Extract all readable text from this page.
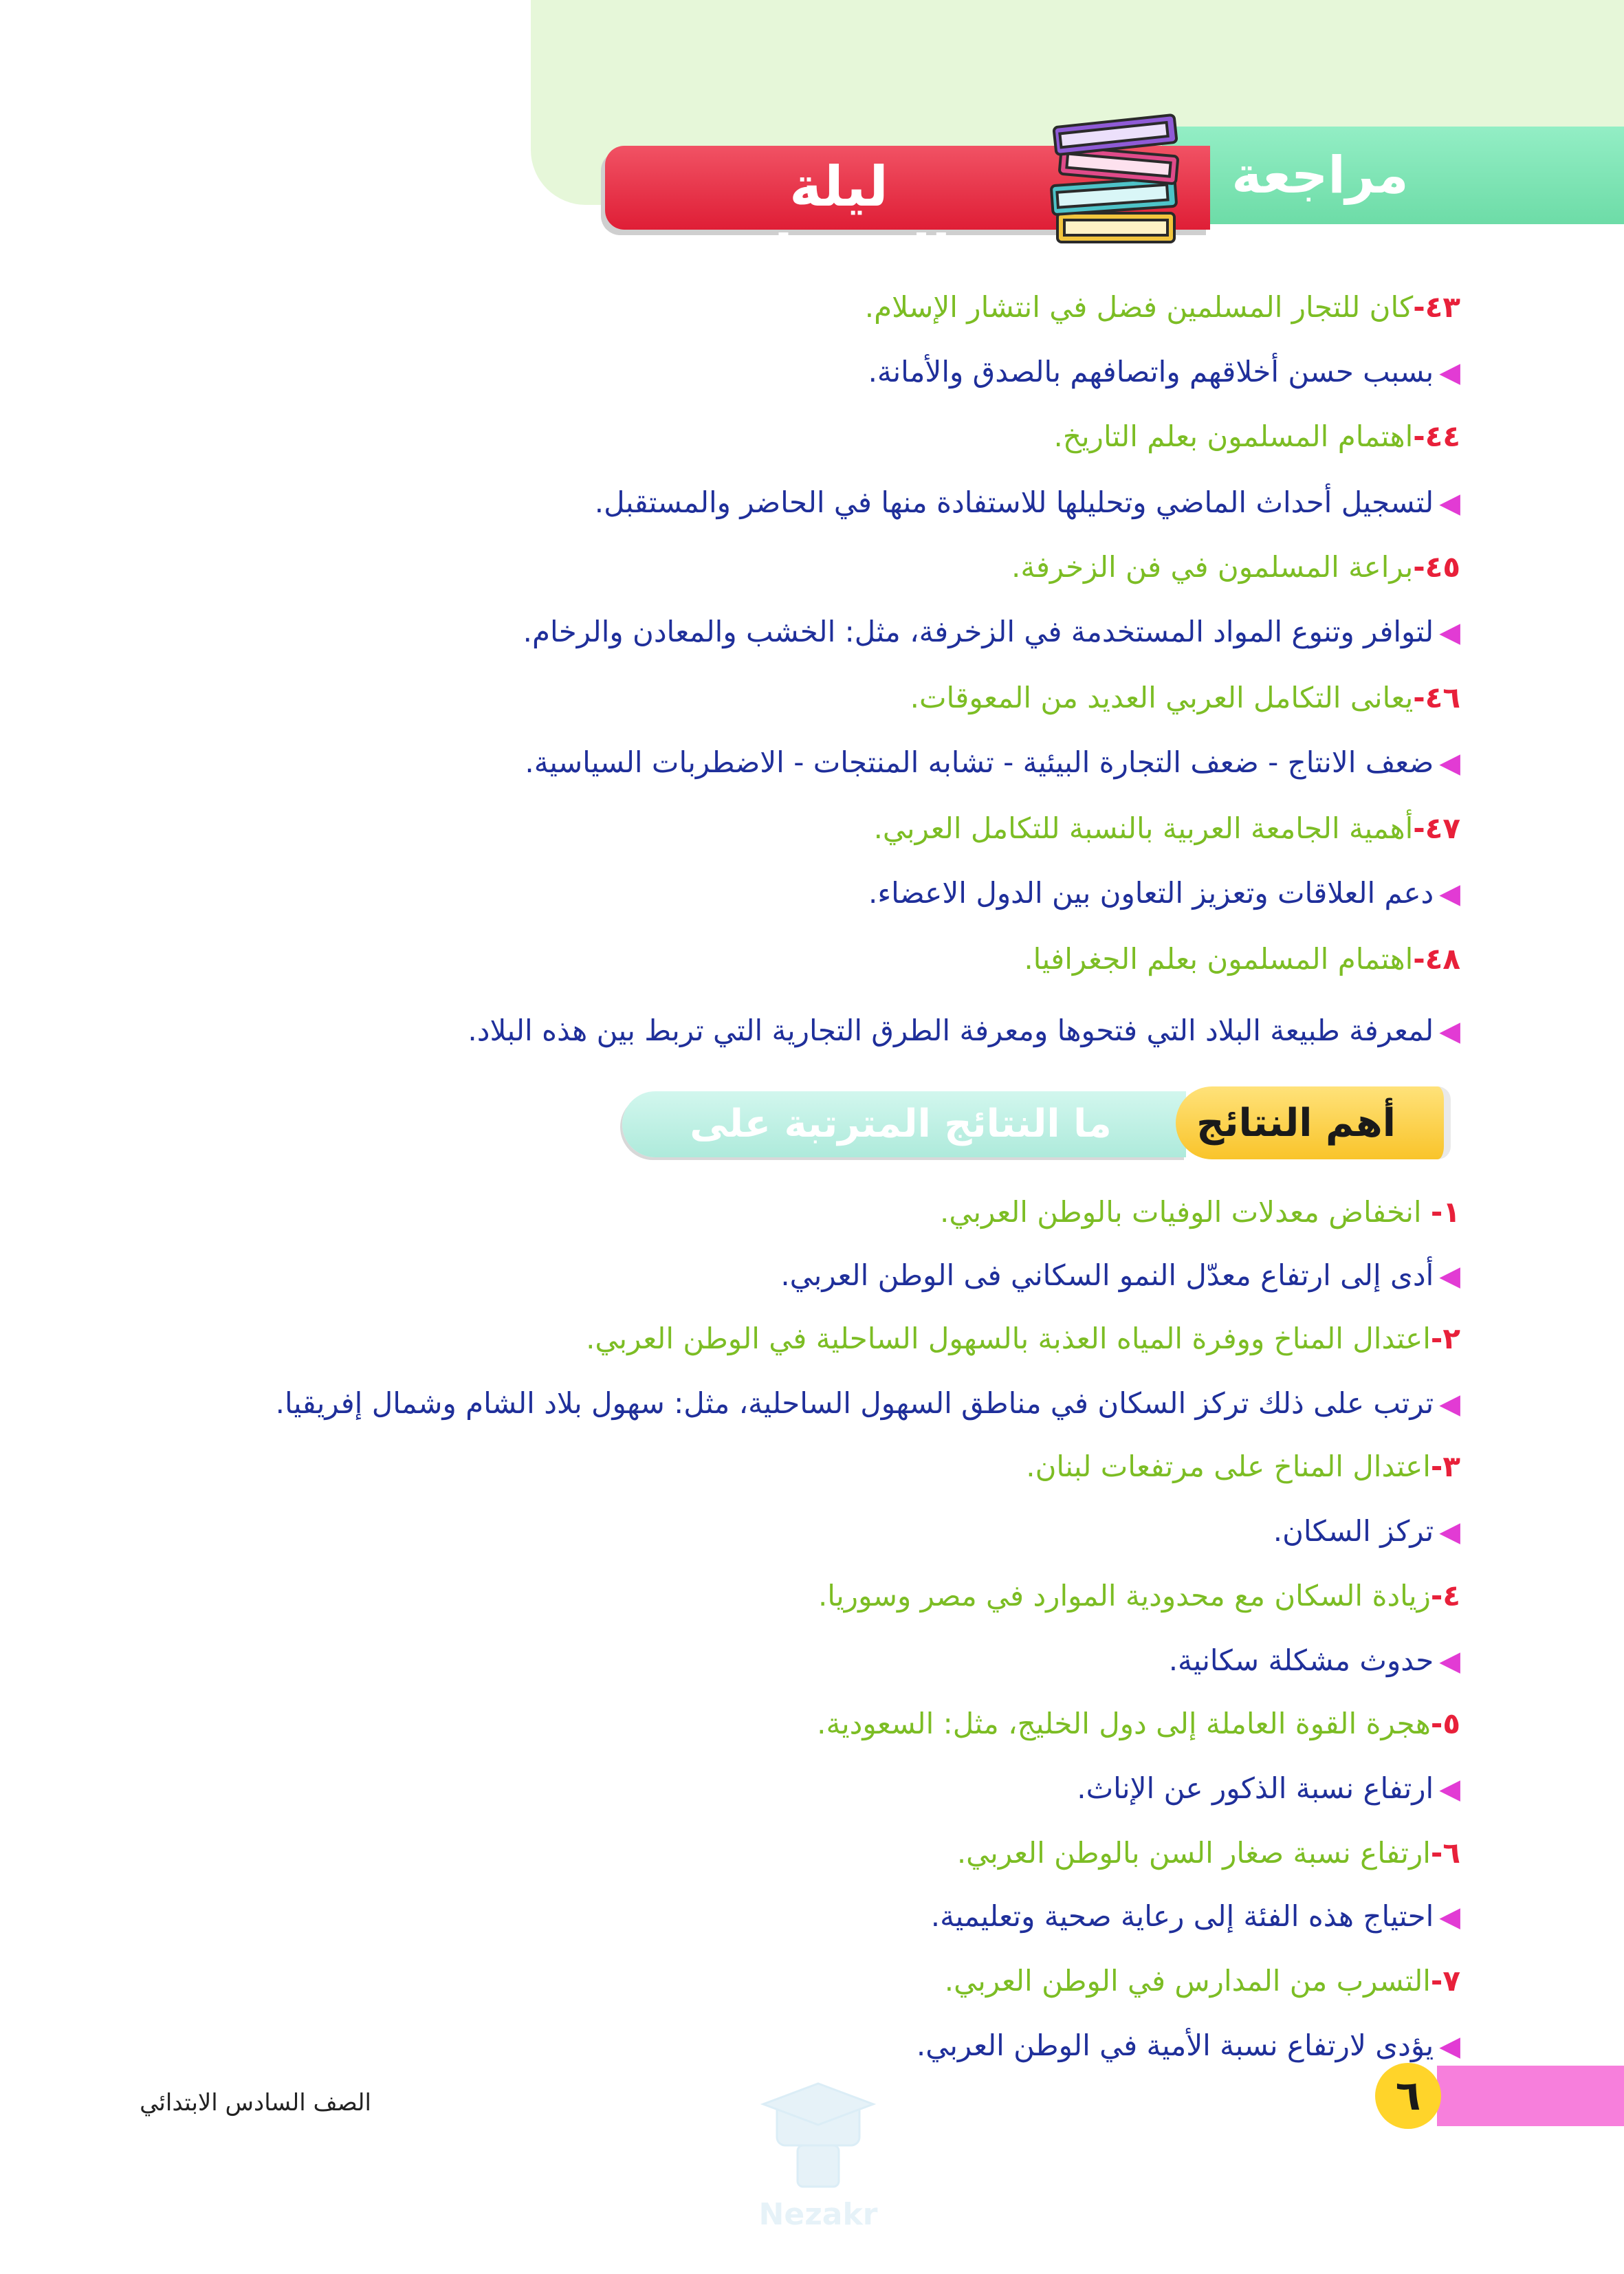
مراجعة
ليلة الامتحان
٤٣-كان للتجار المسلمين فضل في انتشار الإسلام.
◀بسبب حسن أخلاقهم واتصافهم بالصدق والأمانة.
٤٤-اهتمام المسلمون بعلم التاريخ.
◀لتسجيل أحداث الماضي وتحليلها للاستفادة منها في الحاضر والمستقبل.
٤٥-براعة المسلمون في فن الزخرفة.
◀لتوافر وتنوع المواد المستخدمة في الزخرفة، مثل: الخشب والمعادن والرخام.
٤٦-يعانى التكامل العربي العديد من المعوقات.
◀ضعف الانتاج - ضعف التجارة البيئية - تشابه المنتجات - الاضطربات السياسية.
٤٧-أهمية الجامعة العربية بالنسبة للتكامل العربي.
◀دعم العلاقات وتعزيز التعاون بين الدول الاعضاء.
٤٨-اهتمام المسلمون بعلم الجغرافيا.
◀لمعرفة طبيعة البلاد التي فتحوها ومعرفة الطرق التجارية التي تربط بين هذه البلاد.
ما النتائج المترتبة على ...؟
أهم النتائج
١- انخفاض معدلات الوفيات بالوطن العربي.
◀أدى إلى ارتفاع معدّل النمو السكاني فى الوطن العربي.
٢-اعتدال المناخ ووفرة المياه العذبة بالسهول الساحلية في الوطن العربي.
◀ترتب على ذلك تركز السكان في مناطق السهول الساحلية، مثل: سهول بلاد الشام وشمال إفريقيا.
٣-اعتدال المناخ على مرتفعات لبنان.
◀تركز السكان.
٤-زيادة السكان مع محدودية الموارد في مصر وسوريا.
◀حدوث مشكلة سكانية.
٥-هجرة القوة العاملة إلى دول الخليج، مثل: السعودية.
◀ارتفاع نسبة الذكور عن الإناث.
٦-ارتفاع نسبة صغار السن بالوطن العربي.
◀احتياج هذه الفئة إلى رعاية صحية وتعليمية.
٧-التسرب من المدارس في الوطن العربي.
◀يؤدى لارتفاع نسبة الأمية في الوطن العربي.
٦
الصف السادس الابتدائي
Nezakr
